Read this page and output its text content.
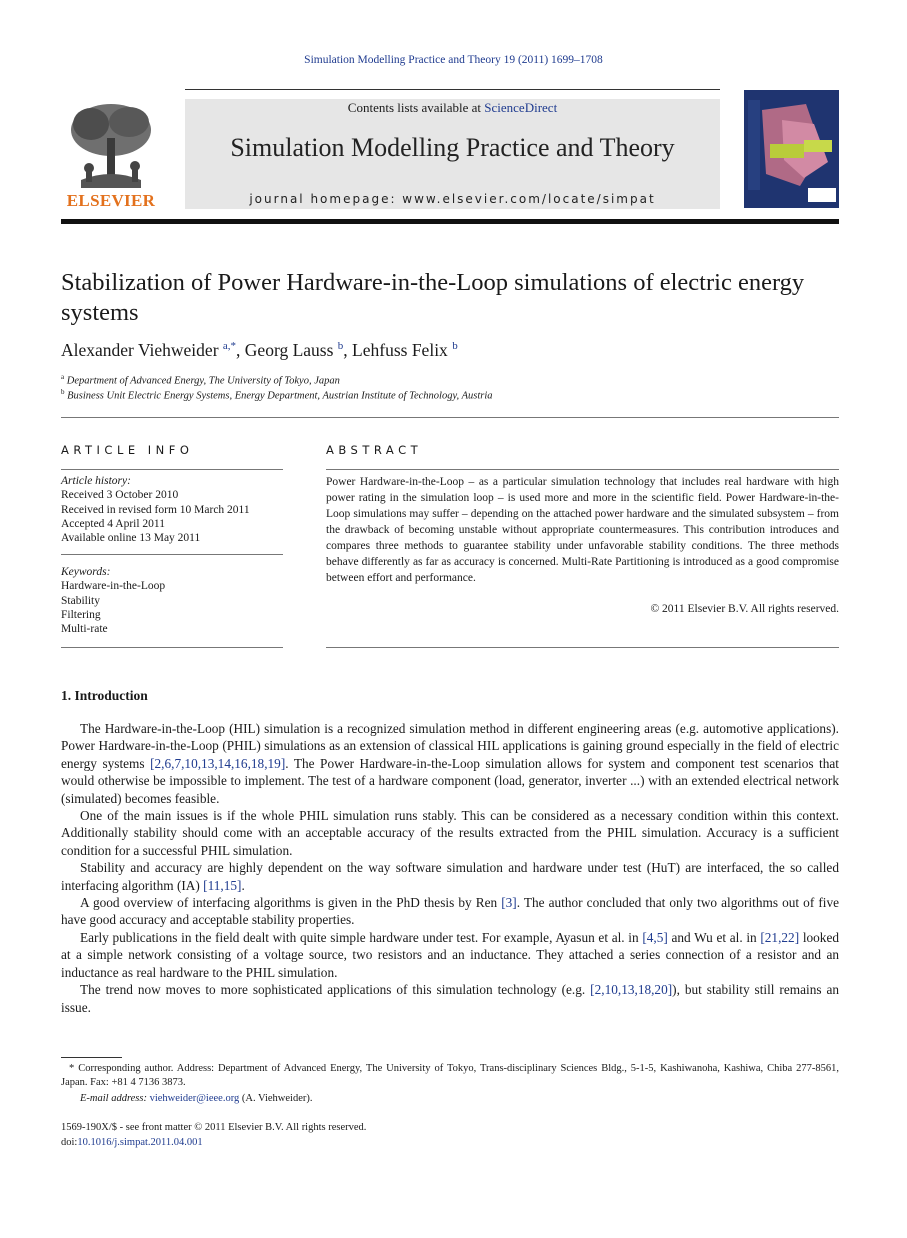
Simulation Modelling Practice and Theory 19 (2011) 1699–1708
ELSEVIER
Contents lists available at ScienceDirect
Simulation Modelling Practice and Theory
journal homepage: www.elsevier.com/locate/simpat
Stabilization of Power Hardware-in-the-Loop simulations of electric energy systems
Alexander Viehweider $^{a,*}$, Georg Lauss $^b$, Lehfuss Felix $^b$
$^a$ Department of Advanced Energy, The University of Tokyo, Japan
$^b$ Business Unit Electric Energy Systems, Energy Department, Austrian Institute of Technology, Austria
ARTICLE INFO
Article history:
Received 3 October 2010
Received in revised form 10 March 2011
Accepted 4 April 2011
Available online 13 May 2011
Keywords:
Hardware-in-the-Loop
Stability
Filtering
Multi-rate
ABSTRACT
Power Hardware-in-the-Loop – as a particular simulation technology that includes real hardware with high power rating in the simulation loop – is used more and more in the scientific field. Power Hardware-in-the-Loop simulations may suffer – depending on the attached power hardware and the simulated subsystem – from the drawback of becoming unstable without appropriate countermeasures. This contribution introduces and compares three methods to guarantee stability under unfavorable stability conditions. The three methods behave differently as far as accuracy is concerned. Multi-Rate Partitioning is introduced as a good compromise between effort and performance.
© 2011 Elsevier B.V. All rights reserved.
1. Introduction

The Hardware-in-the-Loop (HIL) simulation is a recognized simulation method in different engineering areas (e.g. automotive applications). Power Hardware-in-the-Loop (PHIL) simulations as an extension of classical HIL applications is gaining ground especially in the field of electric energy systems [2,6,7,10,13,14,16,18,19]. The Power Hardware-in-the-Loop simulation allows for system and component test scenarios that would otherwise be impossible to implement. The test of a hardware component (load, generator, inverter ...) with an extended electrical network (simulated) becomes feasible.

One of the main issues is if the whole PHIL simulation runs stably. This can be considered as a necessary condition within this context. Additionally stability should come with an acceptable accuracy of the results extracted from the PHIL simulation. Accuracy is a sufficient condition for a successful PHIL simulation.

Stability and accuracy are highly dependent on the way software simulation and hardware under test (HuT) are interfaced, the so called interfacing algorithm (IA) [11,15].

A good overview of interfacing algorithms is given in the PhD thesis by Ren [3]. The author concluded that only two algorithms out of five have good accuracy and acceptable stability properties.

Early publications in the field dealt with quite simple hardware under test. For example, Ayasun et al. in [4,5] and Wu et al. in [21,22] looked at a simple network consisting of a voltage source, two resistors and an inductance. They attached a series connection of a resistor and an inductance as real hardware to the PHIL simulation.

The trend now moves to more sophisticated applications of this simulation technology (e.g. [2,10,13,18,20]), but stability still remains an issue.

* Corresponding author. Address: Department of Advanced Energy, The University of Tokyo, Trans-disciplinary Sciences Bldg., 5-1-5, Kashiwanoha, Kashiwa, Chiba 277-8561, Japan. Fax: +81 4 7136 3873.
E-mail address: viehweider@ieee.org (A. Viehweider).
1569-190X/$ - see front matter © 2011 Elsevier B.V. All rights reserved.
doi:10.1016/j.simpat.2011.04.001
